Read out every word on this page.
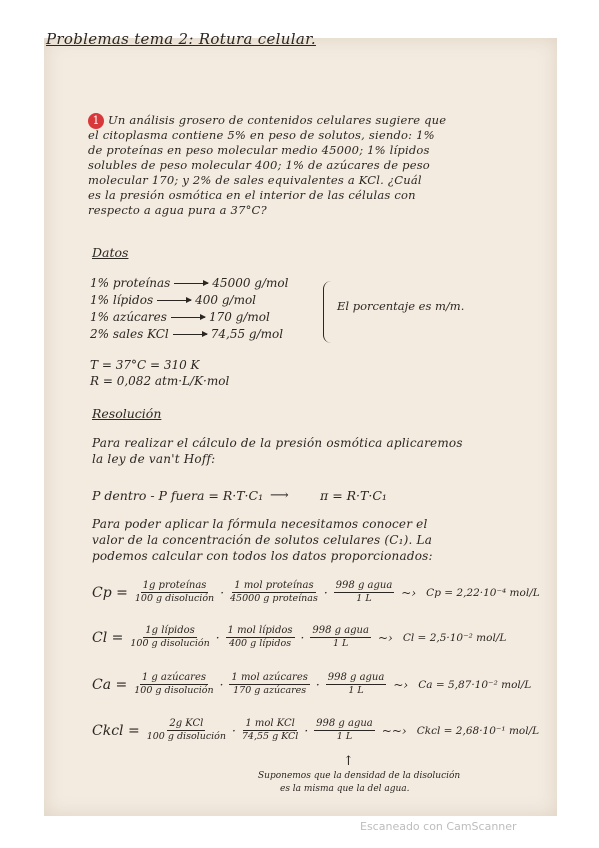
Problemas tema 2: Rotura celular.
1 Un análisis grosero de contenidos celulares sugiere que
el citoplasma contiene 5% en peso de solutos, siendo: 1%
de proteínas en peso molecular medio 45000; 1% lípidos
solubles de peso molecular 400; 1% de azúcares de peso
molecular 170; y 2% de sales equivalentes a KCl. ¿Cuál
es la presión osmótica en el interior de las células con
respecto a agua pura a 37°C?
Datos
1% proteínas	45000 g/mol
1% lípidos	400 g/mol
1% azúcares	170 g/mol
2% sales KCl	74,55 g/mol
El porcentaje es m/m.
T = 37°C = 310 K
R = 0,082 atm·L/K·mol
Resolución
Para realizar el cálculo de la presión osmótica aplicaremos
la ley de van't Hoff:
P dentro - P fuera = R·T·C₁ ⟶	π = R·T·C₁
Para poder aplicar la fórmula necesitamos conocer el
valor de la concentración de solutos celulares (C₁). La
podemos calcular con todos los datos proporcionados:
$Cp = \frac{\text{1g proteínas}}{\text{100 g disolución}} \cdot \frac{\text{1 mol proteínas}}{\text{45000 g proteínas}} \cdot \frac{\text{998 g agua}}{1 L}$ ~› Cp = 2,22·10⁻⁴ mol/L
$Cl = \frac{\text{1g lípidos}}{\text{100 g disolución}} \cdot \frac{\text{1 mol lípidos}}{\text{400 g lípidos}} \cdot \frac{\text{998 g agua}}{1 L}$ ~› Cl = 2,5·10⁻² mol/L
$Ca = \frac{\text{1 g azúcares}}{\text{100 g disolución}} \cdot \frac{\text{1 mol azúcares}}{\text{170 g azúcares}} \cdot \frac{\text{998 g agua}}{1 L}$ ~› Ca = 5,87·10⁻² mol/L
Ckcl = $\frac{\text{2g KCl}}{\text{100 g disolución}} \cdot \frac{\text{1 mol KCl}}{\text{74,55 g KCl}} \cdot \frac{\text{998 g agua}}{1 L}$ ~~› Ckcl = 2,68·10⁻¹ mol/L
↑
Suponemos que la densidad de la disolución
es la misma que la del agua.
Escaneado con CamScanner
